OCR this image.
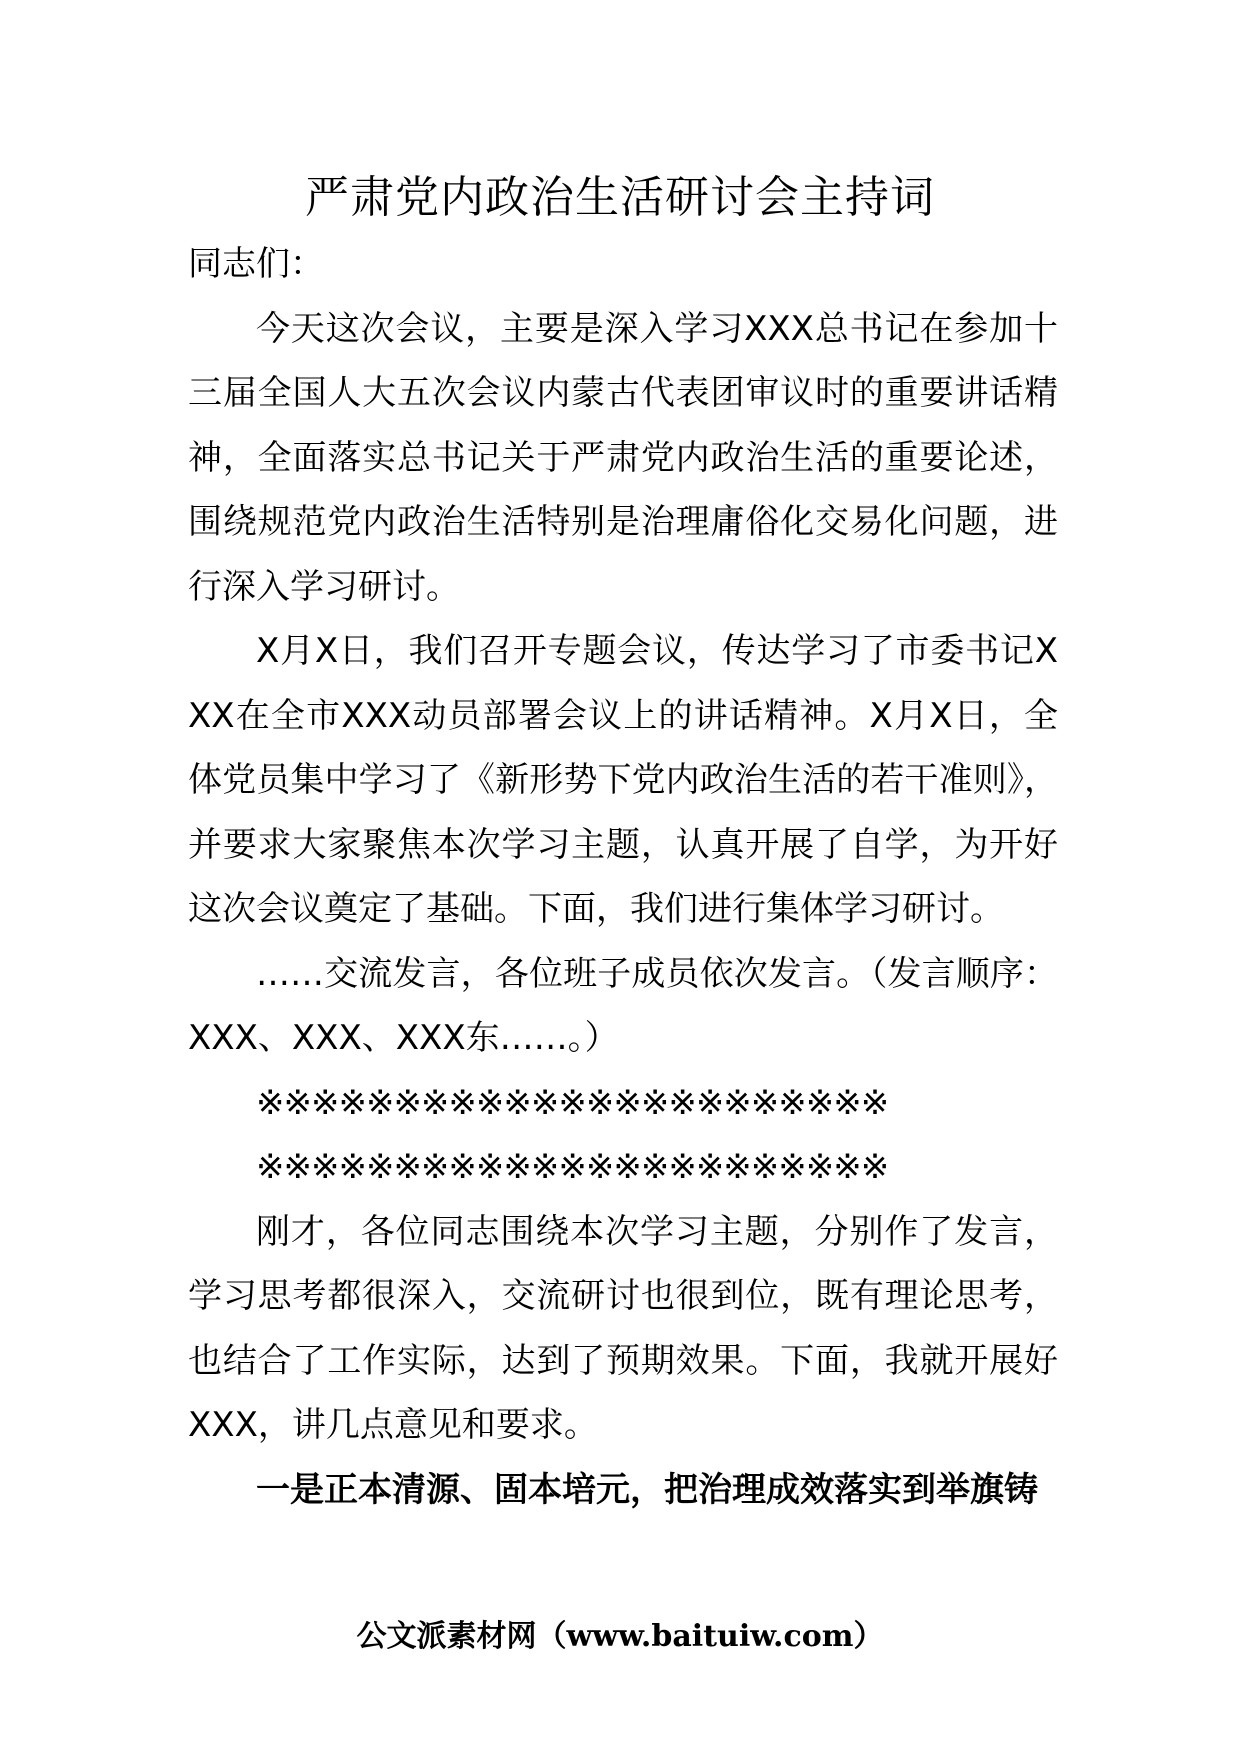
严肃党内政治生活研讨会主持词

同志们：

今天这次会议，主要是深入学习XXX总书记在参加十三届全国人大五次会议内蒙古代表团审议时的重要讲话精神，全面落实总书记关于严肃党内政治生活的重要论述，围绕规范党内政治生活特别是治理庸俗化交易化问题，进行深入学习研讨。

X月X日，我们召开专题会议，传达学习了市委书记XXX在全市XXX动员部署会议上的讲话精神。X月X日，全体党员集中学习了《新形势下党内政治生活的若干准则》，并要求大家聚焦本次学习主题，认真开展了自学，为开好这次会议奠定了基础。下面，我们进行集体学习研讨。

……交流发言，各位班子成员依次发言。（发言顺序：XXX、XXX、XXX东……。）

※※※※※※※※※※※※※※※※※※※※※※※

※※※※※※※※※※※※※※※※※※※※※※※

刚才，各位同志围绕本次学习主题，分别作了发言，学习思考都很深入，交流研讨也很到位，既有理论思考，也结合了工作实际，达到了预期效果。下面，我就开展好XXX，讲几点意见和要求。

一是正本清源、固本培元，把治理成效落实到举旗铸

公文派素材网（www.baituiw.com）
